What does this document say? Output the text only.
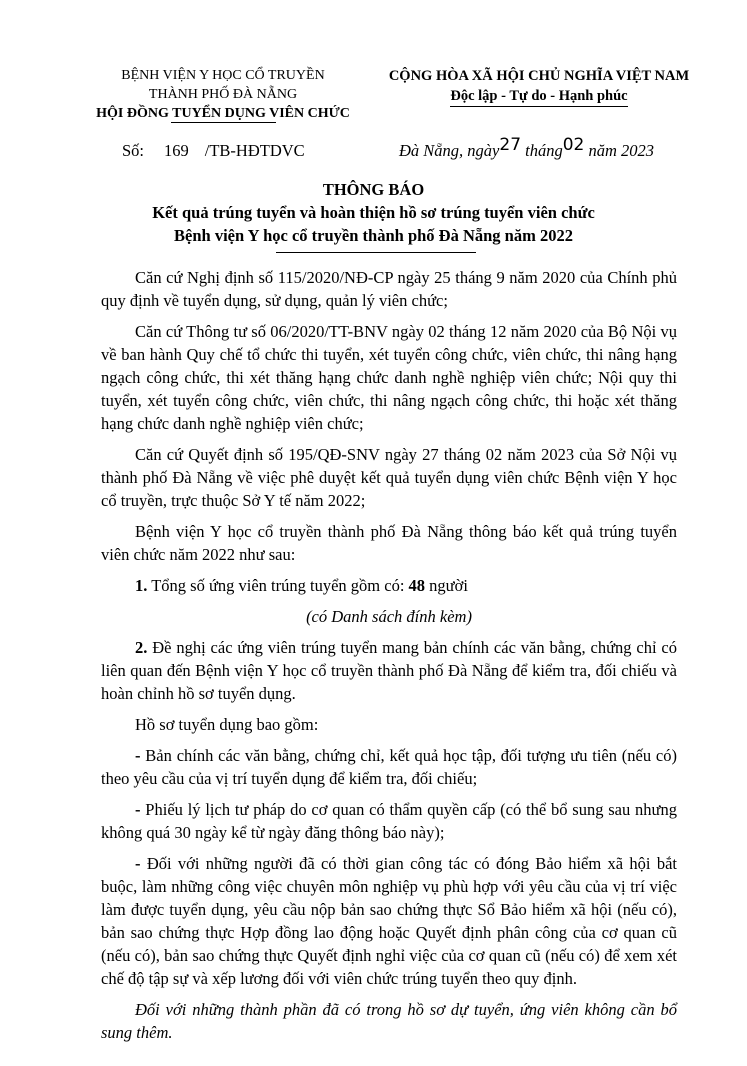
BỆNH VIỆN Y HỌC CỔ TRUYỀN
THÀNH PHỐ ĐÀ NẴNG
HỘI ĐỒNG TUYỂN DỤNG VIÊN CHỨC
CỘNG HÒA XÃ HỘI CHỦ NGHĨA VIỆT NAM
Độc lập - Tự do - Hạnh phúc
Số: 169 /TB-HĐTDVC	Đà Nẵng, ngày27 tháng02 năm 2023
THÔNG BÁO
Kết quả trúng tuyển và hoàn thiện hồ sơ trúng tuyển viên chức
Bệnh viện Y học cổ truyền thành phố Đà Nẵng năm 2022

Căn cứ Nghị định số 115/2020/NĐ-CP ngày 25 tháng 9 năm 2020 của Chính phủ quy định về tuyển dụng, sử dụng, quản lý viên chức;

Căn cứ Thông tư số 06/2020/TT-BNV ngày 02 tháng 12 năm 2020 của Bộ Nội vụ về ban hành Quy chế tổ chức thi tuyển, xét tuyển công chức, viên chức, thi nâng hạng ngạch công chức, thi xét thăng hạng chức danh nghề nghiệp viên chức; Nội quy thi tuyển, xét tuyển công chức, viên chức, thi nâng ngạch công chức, thi hoặc xét thăng hạng chức danh nghề nghiệp viên chức;

Căn cứ Quyết định số 195/QĐ-SNV ngày 27 tháng 02 năm 2023 của Sở Nội vụ thành phố Đà Nẵng về việc phê duyệt kết quả tuyển dụng viên chức Bệnh viện Y học cổ truyền, trực thuộc Sở Y tế năm 2022;

Bệnh viện Y học cổ truyền thành phố Đà Nẵng thông báo kết quả trúng tuyển viên chức năm 2022 như sau:

1. Tổng số ứng viên trúng tuyển gồm có: 48 người

(có Danh sách đính kèm)

2. Đề nghị các ứng viên trúng tuyển mang bản chính các văn bằng, chứng chỉ có liên quan đến Bệnh viện Y học cổ truyền thành phố Đà Nẵng để kiểm tra, đối chiếu và hoàn chỉnh hồ sơ tuyển dụng.

Hồ sơ tuyển dụng bao gồm:

- Bản chính các văn bằng, chứng chỉ, kết quả học tập, đối tượng ưu tiên (nếu có) theo yêu cầu của vị trí tuyển dụng để kiểm tra, đối chiếu;

- Phiếu lý lịch tư pháp do cơ quan có thẩm quyền cấp (có thể bổ sung sau nhưng không quá 30 ngày kể từ ngày đăng thông báo này);

- Đối với những người đã có thời gian công tác có đóng Bảo hiểm xã hội bắt buộc, làm những công việc chuyên môn nghiệp vụ phù hợp với yêu cầu của vị trí việc làm được tuyển dụng, yêu cầu nộp bản sao chứng thực Sổ Bảo hiểm xã hội (nếu có), bản sao chứng thực Hợp đồng lao động hoặc Quyết định phân công của cơ quan cũ (nếu có), bản sao chứng thực Quyết định nghỉ việc của cơ quan cũ (nếu có) để xem xét chế độ tập sự và xếp lương đối với viên chức trúng tuyển theo quy định.

Đối với những thành phần đã có trong hồ sơ dự tuyển, ứng viên không cần bổ sung thêm.
